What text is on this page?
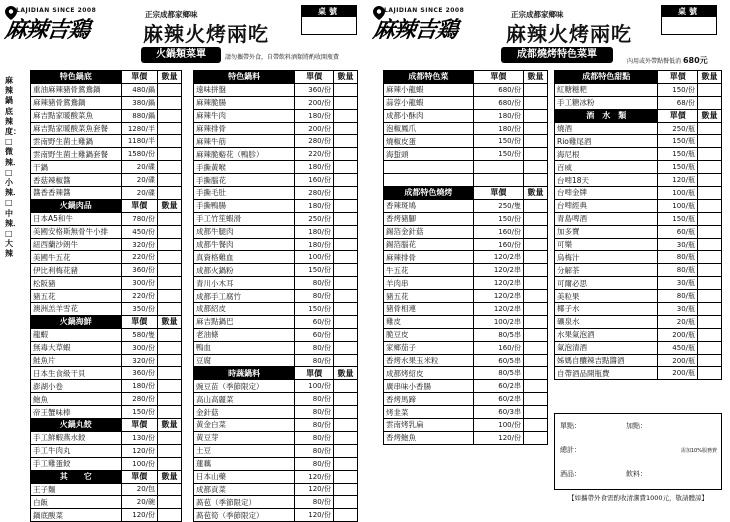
LAJIDIAN SINCE 2008
麻辣吉鶏
正宗成都家鄉味
麻辣火烤兩吃
桌號
火鍋類菜單	請勿攜帶外食，自帶飲料酒類將酌收開瓶費
麻辣鍋底辣度：□微辣．□小辣．□中辣．□大辣
特色鍋底	單價	數量
重油麻辣豬骨鴛鴦鍋	480/鍋	
麻辣豬骨鴛鴦鍋	380/鍋	
麻吉點家暖酸菜魚	880/鍋	
麻吉點家暖酸菜魚套餐	1280/半	
雲南野生菌土雞鍋	1180/半	
雲南野生菌土雞鍋套餐	1580/份	
干鍋	20/碟	
香菇辣椒醬	20/碟	
醬香香辣醬	20/碟	
火鍋肉品	單價	數量
日本A5和牛	780/份	
美國安格斯無骨牛小排	450/份	
紐西蘭沙朗牛	320/份	
美國牛五花	220/份	
伊比利梅花豬	360/份	
松阪豬	300/份	
豬五花	220/份	
澳洲羔羊雪花	350/份	
火鍋海鮮	單價	數量
龍蝦	580/隻	
無毒大草蝦	300/份	
鮭魚片	320/份	
日本生食級干貝	360/份	
澎湖小卷	180/份	
鮑魚	280/份	
帝王蟹味棒	150/份	
火鍋丸餃	單價	數量
手工鮮蝦燕水餃	130/份	
手工牛肉丸	120/份	
手工雞蛋餃	100/份	
其　　它	單價	數量
王子麵	20/包	
白飯	20/碗	
鍋底酸菜	120/份	
特色鍋料	單價	數量
遠味拼盤	360/份	
麻辣脆腸	200/份	
麻辣牛肉	180/份	
麻辣排骨	200/份	
麻辣牛筋	280/份	
麻辣脆谿花（鴨胗）	220/份	
手撕黃喉	180/份	
手撕腦花	160/份	
手撕毛肚	280/份	
手撕鴨腸	180/份	
手工竹笙蝦滑	250/份	
成都牛腿肉	180/份	
成都牛餐肉	180/份	
真資格雞血	100/份	
成都火鍋粉	150/份	
青川小木耳	80/份	
成都手工腐竹	80/份	
成都紹皮	150/份	
麻吉點鍋巴	60/份	
老油條	60/份	
鴨血	80/份	
豆腐	80/份	
時蔬鍋料	單價	數量
豌豆苗（季節限定）	100/份	
高山高麗菜	80/份	
金針菇	80/份	
黃金白菜	80/份	
黃豆芽	80/份	
土豆	80/份	
蓮藕	80/份	
日本山藥	120/份	
成都貢菜	120/份	
萵苞（季節限定）	80/份	
萵苞筍（季節限定）	120/份	
LAJIDIAN SINCE 2008
麻辣吉鶏
正宗成都家鄉味
麻辣火烤兩吃
桌號
成都燒烤特色菜單
內用或外帶點餐低消 680元
成都特色菜	單價	數量
麻辣小龍蝦	680/份	
蒜蓉小龍蝦	680/份	
成都小酥肉	180/份	
泡椒鳳爪	180/份	
燒椒皮蛋	150/份	
海蜇頭	150/份	

成都特色燒烤	單價	數量
香辣斑鳩	250/隻	
香烤豬腳	150/份	
錫箔金針菇	160/份	
錫箔腦花	160/份	
麻辣排骨	120/2串	
牛五花	120/2串	
羊肉串	120/2串	
豬五花	120/2串	
豬骨相連	120/2串	
雞皮	100/2串	
脆豆皮	80/5串	
家鄉茄子	160/份	
香烤水果玉米粒	60/5串	
成都烤紹皮	80/5串	
廣串味小香腸	60/2串	
香烤馬蹄	60/2串	
烤韭菜	60/3串	
雲南烤乳扁	100/份	
香烤鮑魚	120/份	
成都特色甜點	單價	數量
紅糖糍粑	150/份	
手工糖冰粉	68/份	
酒　水　類	單價	數量
燒酒	250/瓶	
Rio雞尾酒	150/瓶	
海尼根	150/瓶	
百威	150/瓶	
台啤18天	120/瓶	
台啤金牌	100/瓶	
台啤經典	100/瓶	
青島啤酒	150/瓶	
加多寶	60/瓶	
可樂	30/瓶	
烏梅汁	80/瓶	
分解茶	80/瓶	
可爾必思	30/瓶	
美粒果	80/瓶	
椰子水	30/瓶	
礦泉水	20/瓶	
水果氣泡酒	200/瓶	
氣泡清酒	450/瓶	
姊媽自釀辣吉點醬酒	200/瓶	
自帶酒品開瓶費	200/瓶	
單點 ：	加點 ：
總計：	需加10%服務費
酒品 ：	飲料 ：
【如攜帶外食需酌收清潔費1000元，敬請體諒】
